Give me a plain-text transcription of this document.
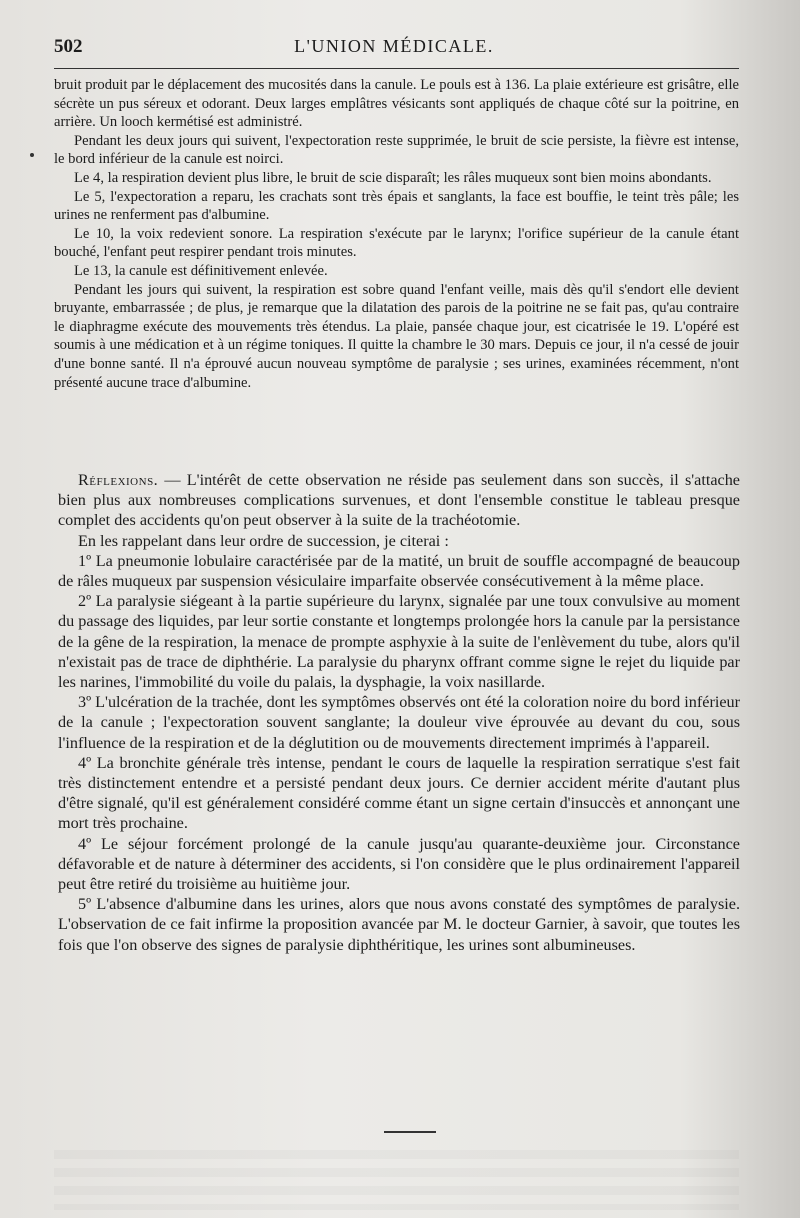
502	L'UNION MÉDICALE.

bruit produit par le déplacement des mucosités dans la canule. Le pouls est à 136. La plaie extérieure est grisâtre, elle sécrète un pus séreux et odorant. Deux larges emplâtres vésicants sont appliqués de chaque côté sur la poitrine, en arrière. Un looch kermétisé est administré.

Pendant les deux jours qui suivent, l'expectoration reste supprimée, le bruit de scie persiste, la fièvre est intense, le bord inférieur de la canule est noirci.

Le 4, la respiration devient plus libre, le bruit de scie disparaît; les râles muqueux sont bien moins abondants.

Le 5, l'expectoration a reparu, les crachats sont très épais et sanglants, la face est bouffie, le teint très pâle; les urines ne renferment pas d'albumine.

Le 10, la voix redevient sonore. La respiration s'exécute par le larynx; l'orifice supérieur de la canule étant bouché, l'enfant peut respirer pendant trois minutes.

Le 13, la canule est définitivement enlevée.

Pendant les jours qui suivent, la respiration est sobre quand l'enfant veille, mais dès qu'il s'endort elle devient bruyante, embarrassée ; de plus, je remarque que la dilatation des parois de la poitrine ne se fait pas, qu'au contraire le diaphragme exécute des mouvements très étendus. La plaie, pansée chaque jour, est cicatrisée le 19. L'opéré est soumis à une médication et à un régime toniques. Il quitte la chambre le 30 mars. Depuis ce jour, il n'a cessé de jouir d'une bonne santé. Il n'a éprouvé aucun nouveau symptôme de paralysie ; ses urines, examinées récemment, n'ont présenté aucune trace d'albumine.

Réflexions. — L'intérêt de cette observation ne réside pas seulement dans son succès, il s'attache bien plus aux nombreuses complications survenues, et dont l'ensemble constitue le tableau presque complet des accidents qu'on peut observer à la suite de la trachéotomie.

En les rappelant dans leur ordre de succession, je citerai :

1º La pneumonie lobulaire caractérisée par de la matité, un bruit de souffle accompagné de beaucoup de râles muqueux par suspension vésiculaire imparfaite observée consécutivement à la même place.

2º La paralysie siégeant à la partie supérieure du larynx, signalée par une toux convulsive au moment du passage des liquides, par leur sortie constante et longtemps prolongée hors la canule par la persistance de la gêne de la respiration, la menace de prompte asphyxie à la suite de l'enlèvement du tube, alors qu'il n'existait pas de trace de diphthérie. La paralysie du pharynx offrant comme signe le rejet du liquide par les narines, l'immobilité du voile du palais, la dysphagie, la voix nasillarde.

3º L'ulcération de la trachée, dont les symptômes observés ont été la coloration noire du bord inférieur de la canule ; l'expectoration souvent sanglante; la douleur vive éprouvée au devant du cou, sous l'influence de la respiration et de la déglutition ou de mouvements directement imprimés à l'appareil.

4º La bronchite générale très intense, pendant le cours de laquelle la respiration serratique s'est fait très distinctement entendre et a persisté pendant deux jours. Ce dernier accident mérite d'autant plus d'être signalé, qu'il est généralement considéré comme étant un signe certain d'insuccès et annonçant une mort très prochaine.

4º Le séjour forcément prolongé de la canule jusqu'au quarante-deuxième jour. Circonstance défavorable et de nature à déterminer des accidents, si l'on considère que le plus ordinairement l'appareil peut être retiré du troisième au huitième jour.

5º L'absence d'albumine dans les urines, alors que nous avons constaté des symptômes de paralysie. L'observation de ce fait infirme la proposition avancée par M. le docteur Garnier, à savoir, que toutes les fois que l'on observe des signes de paralysie diphthéritique, les urines sont albumineuses.
